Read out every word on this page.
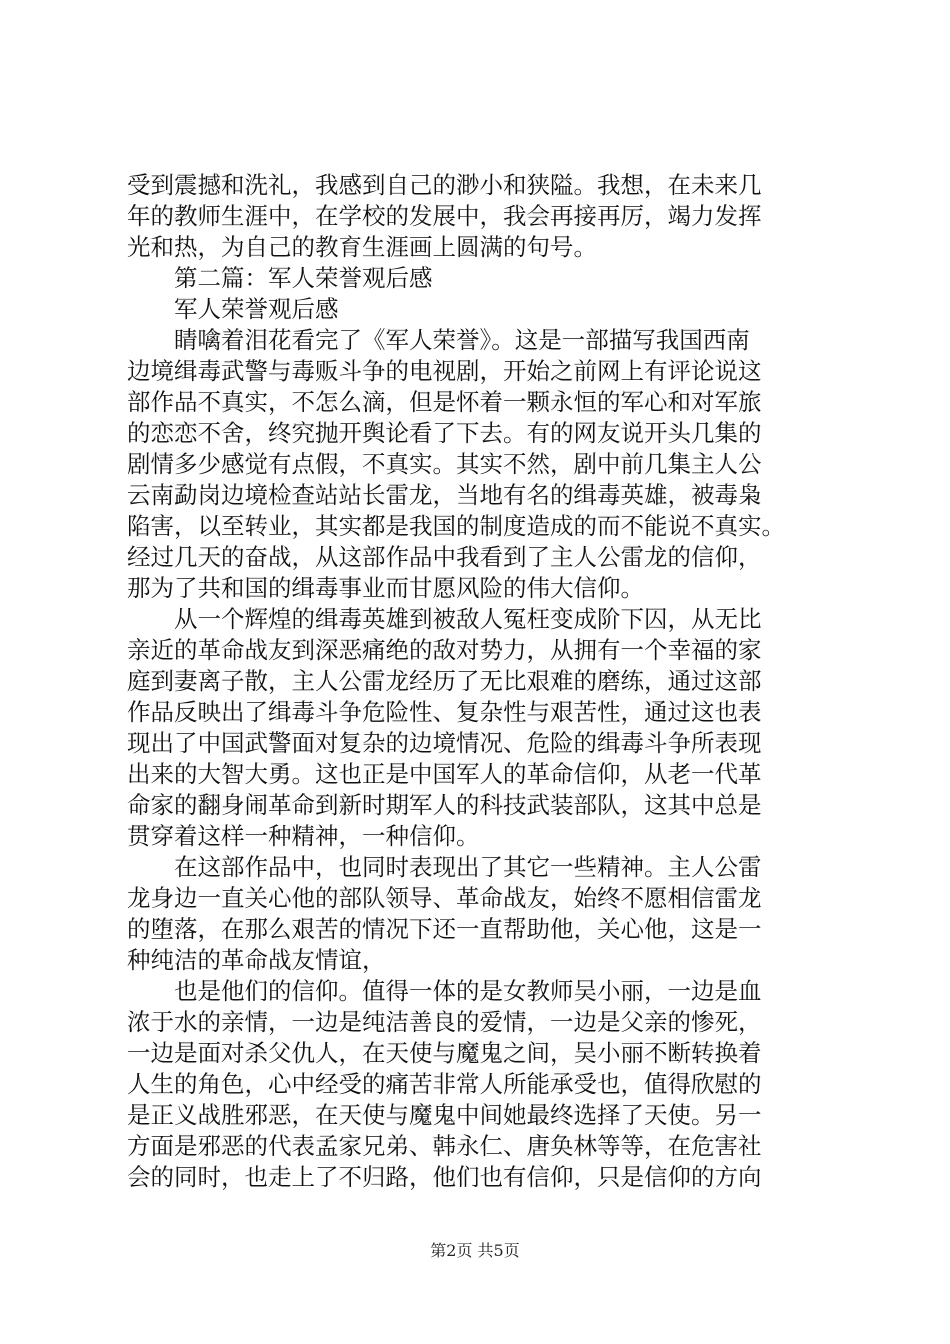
受到震撼和洗礼，我感到自己的渺小和狭隘。我想，在未来几
年的教师生涯中，在学校的发展中，我会再接再厉，竭力发挥
光和热，为自己的教育生涯画上圆满的句号。
第二篇：军人荣誉观后感
军人荣誉观后感
睛噙着泪花看完了《军人荣誉》。这是一部描写我国西南
边境缉毒武警与毒贩斗争的电视剧，开始之前网上有评论说这
部作品不真实，不怎么滴，但是怀着一颗永恒的军心和对军旅
的恋恋不舍，终究抛开舆论看了下去。有的网友说开头几集的
剧情多少感觉有点假，不真实。其实不然，剧中前几集主人公
云南勐岗边境检查站站长雷龙，当地有名的缉毒英雄，被毒枭
陷害，以至转业，其实都是我国的制度造成的而不能说不真实。
经过几天的奋战，从这部作品中我看到了主人公雷龙的信仰，
那为了共和国的缉毒事业而甘愿风险的伟大信仰。
从一个辉煌的缉毒英雄到被敌人冤枉变成阶下囚，从无比
亲近的革命战友到深恶痛绝的敌对势力，从拥有一个幸福的家
庭到妻离子散，主人公雷龙经历了无比艰难的磨练，通过这部
作品反映出了缉毒斗争危险性、复杂性与艰苦性，通过这也表
现出了中国武警面对复杂的边境情况、危险的缉毒斗争所表现
出来的大智大勇。这也正是中国军人的革命信仰，从老一代革
命家的翻身闹革命到新时期军人的科技武装部队，这其中总是
贯穿着这样一种精神，一种信仰。
在这部作品中，也同时表现出了其它一些精神。主人公雷
龙身边一直关心他的部队领导、革命战友，始终不愿相信雷龙
的堕落，在那么艰苦的情况下还一直帮助他，关心他，这是一
种纯洁的革命战友情谊，
也是他们的信仰。值得一体的是女教师吴小丽，一边是血
浓于水的亲情，一边是纯洁善良的爱情，一边是父亲的惨死，
一边是面对杀父仇人，在天使与魔鬼之间，吴小丽不断转换着
人生的角色，心中经受的痛苦非常人所能承受也，值得欣慰的
是正义战胜邪恶，在天使与魔鬼中间她最终选择了天使。另一
方面是邪恶的代表孟家兄弟、韩永仁、唐奂林等等，在危害社
会的同时，也走上了不归路，他们也有信仰，只是信仰的方向
第2页 共5页
